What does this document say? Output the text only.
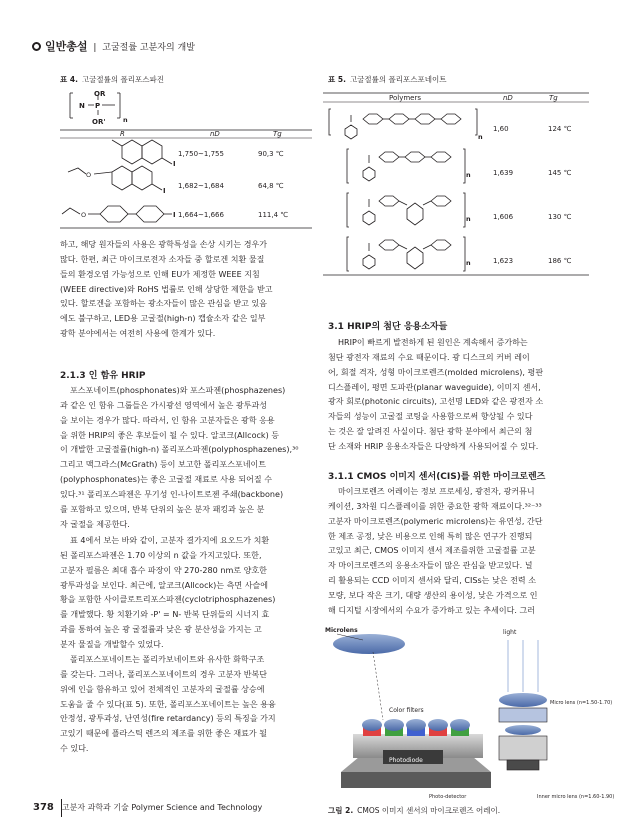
일반총설 | 고굴절률 고분자의 개발
표 4. 고굴절률의 폴리포스파진
OR
N P
n
OR'
R	nD	Tg
I
1,750~1,755	90,3 ℃
O
I
1,682~1,684	64,8 ℃
O	I 1,664~1,666	111,4 ℃
표 5. 고굴절률의 폴리포스포네이트
Polymers	nD	Tg
n
1,60	124 ℃
n	1,639	145 ℃
n	1,606	130 ℃
n	1,623	186 ℃
하고, 해당 원자들의 사용은 광학특성을 손상 시키는 경우가
많다. 한편, 최근 마이크로전자 소자들 중 할로겐 치환 물질
들의 환경오염 가능성으로 인해 EU가 제정한 WEEE 지침
(WEEE directive)와 RoHS 법률로 인해 상당한 제한을 받고
있다. 할로겐을 포함하는 광소자들이 많은 관심을 받고 있음
에도 불구하고, LED용 고굴절(high-n) 캡슐소자 같은 일부
광학 분야에서는 여전히 사용에 한계가 있다.
2.1.3 인 함유 HRIP
포스포네이트(phosphonates)와 포스파젠(phosphazenes)
과 같은 인 함유 그룹들은 가시광선 영역에서 높은 광투과성
을 보이는 경우가 많다. 따라서, 인 함유 고분자들은 광학 응용
을 위한 HRIP의 좋은 후보들이 될 수 있다. 알코크(Allcock) 등
이 개발한 고굴절률(high-n) 폴리포스파젠(polyphosphazenes),³⁰
그리고 맥그라스(McGrath) 등이 보고한 폴리포스포네이트
(polyphosphonates)는 좋은 고굴절 재료로 사용 되어질 수
있다.³¹ 폴리포스파젠은 무기성 인-나이트로젠 주쇄(backbone)
를 포함하고 있으며, 반복 단위의 높은 분자 패킹과 높은 분
자 굴절을 제공한다.
표 4에서 보는 바와 같이, 고분자 결가지에 요오드가 치환
된 폴리포스파젠은 1.70 이상의 n 값을 가지고있다. 또한,
고분자 필름은 최대 흡수 파장이 약 270-280 nm로 양호한
광투과성을 보인다. 최근에, 알코크(Allcock)는 측면 사슬에
황을 포함한 사이클로트리포스파젠(cyclotriphosphazenes)
를 개발했다. 황 치환기와 -P' = N- 반복 단위들의 시너지 효
과를 통하여 높은 광 굴절률과 낮은 광 분산성을 가지는 고
분자 물질을 개발할수 있었다.
폴리포스포네이트는 폴리카보네이트와 유사한 화학구조
를 갖는다. 그러나, 폴리포스포네이트의 경우 고분자 반복단
위에 인을 함유하고 있어 전체적인 고분자의 굴절률 상승에
도움을 줄 수 있다(표 5). 또한, 폴리포스포네이트는 높은 용융
안정성, 광투과성, 난연성(fire retardancy) 등의 특징을 가지
고있기 때문에 플라스틱 렌즈의 제조를 위한 좋은 재료가 될
수 있다.
3.1 HRIP의 첨단 응용소자들
HRIP이 빠르게 발전하게 된 원인은 계속해서 증가하는
첨단 광전자 재료의 수요 때문이다. 광 디스크의 커버 레이
어, 회절 격자, 성형 마이크로렌즈(molded microlens), 평판
디스플레이, 평면 도파관(planar waveguide), 이미지 센서,
광자 회로(photonic circuits), 고선명 LED와 같은 광전자 소
자들의 성능이 고굴절 코팅을 사용함으로써 향상될 수 있다
는 것은 잘 알려진 사실이다. 첨단 광학 분야에서 최근의 첨
단 소재와 HRIP 응용소자들은 다양하게 사용되어질 수 있다.
3.1.1 CMOS 이미지 센서(CIS)를 위한 마이크로렌즈
마이크로렌즈 어레이는 정보 프로세싱, 광전자, 광커뮤니
케이션, 3차원 디스플레이를 위한 중요한 광학 재료이다.³²⁻³³
고분자 마이크로렌즈(polymeric microlens)는 유연성, 간단
한 제조 공정, 낮은 비용으로 인해 특히 많은 연구가 진행되
고있고 최근, CMOS 이미지 센서 제조를위한 고굴절률 고분
자 마이크로렌즈의 응용소자들이 많은 관심을 받고있다. 널
리 활용되는 CCD 이미지 센서와 달리, CISs는 낮은 전력 소
모량, 보다 작은 크기, 대량 생산의 용이성, 낮은 가격으로 인
해 디지털 시장에서의 수요가 증가하고 있는 추세이다. 그러
Microlens
Color filters
Photodiode
light
Micro lens (n=1.50-1.70)
Photo-detector	Inner micro lens (n=1.60-1.90)
그림 2. CMOS 이미지 센서의 마이크로렌즈 어레이.
378 고분자 과학과 기술 Polymer Science and Technology
